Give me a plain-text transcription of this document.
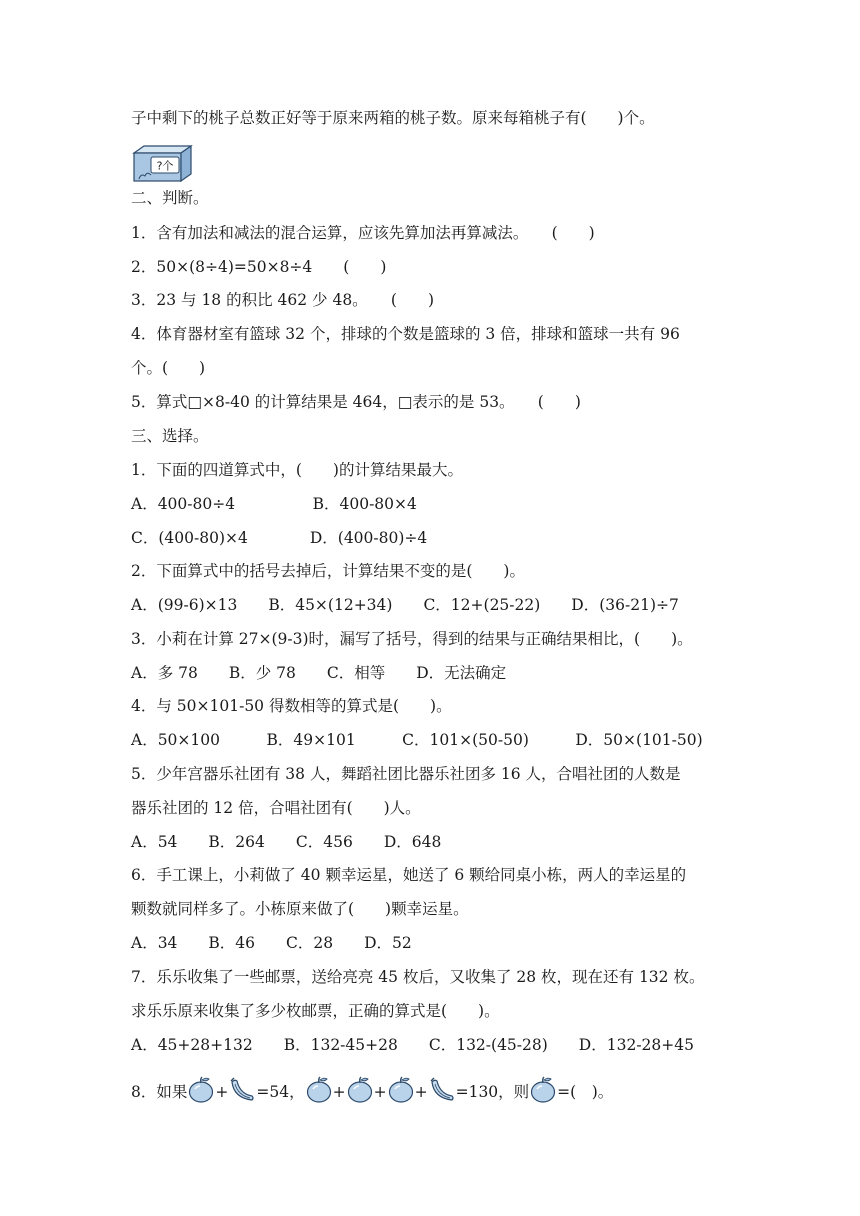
子中剩下的桃子总数正好等于原来两箱的桃子数。原来每箱桃子有(　　)个。
?个
二、判断。
1．含有加法和减法的混合运算，应该先算加法再算减法。　　(　　)
2．50×(8÷4)=50×8÷4　　(　　)
3．23 与 18 的积比 462 少 48。　　(　　)
4．体育器材室有篮球 32 个，排球的个数是篮球的 3 倍，排球和篮球一共有 96
个。(　　)
5．算式□×8-40 的计算结果是 464，□表示的是 53。　　(　　)
三、选择。
1．下面的四道算式中，(　　)的计算结果最大。
A．400-80÷4　　　　　B．400-80×4
C．(400-80)×4　　　　D．(400-80)÷4
2．下面算式中的括号去掉后，计算结果不变的是(　　)。
A．(99-6)×13　　B．45×(12+34)　　C．12+(25-22)　　D．(36-21)÷7
3．小莉在计算 27×(9-3)时，漏写了括号，得到的结果与正确结果相比，(　　)。
A．多 78　　B．少 78　　C．相等　　D．无法确定
4．与 50×101-50 得数相等的算式是(　　)。
A．50×100　　　B．49×101　　　C．101×(50-50)　　　D．50×(101-50)
5．少年宫器乐社团有 38 人，舞蹈社团比器乐社团多 16 人，合唱社团的人数是
器乐社团的 12 倍，合唱社团有(　　)人。
A．54　　B．264　　C．456　　D．648
6．手工课上，小莉做了 40 颗幸运星，她送了 6 颗给同桌小栋，两人的幸运星的
颗数就同样多了。小栋原来做了(　　)颗幸运星。
A．34　　B．46　　C．28　　D．52
7．乐乐收集了一些邮票，送给亮亮 45 枚后，又收集了 28 枚，现在还有 132 枚。
求乐乐原来收集了多少枚邮票，正确的算式是(　　)。
A．45+28+132　　B．132-45+28　　C．132-(45-28)　　D．132-28+45
8．如果 + =54， + + + =130，则 =(　)。
